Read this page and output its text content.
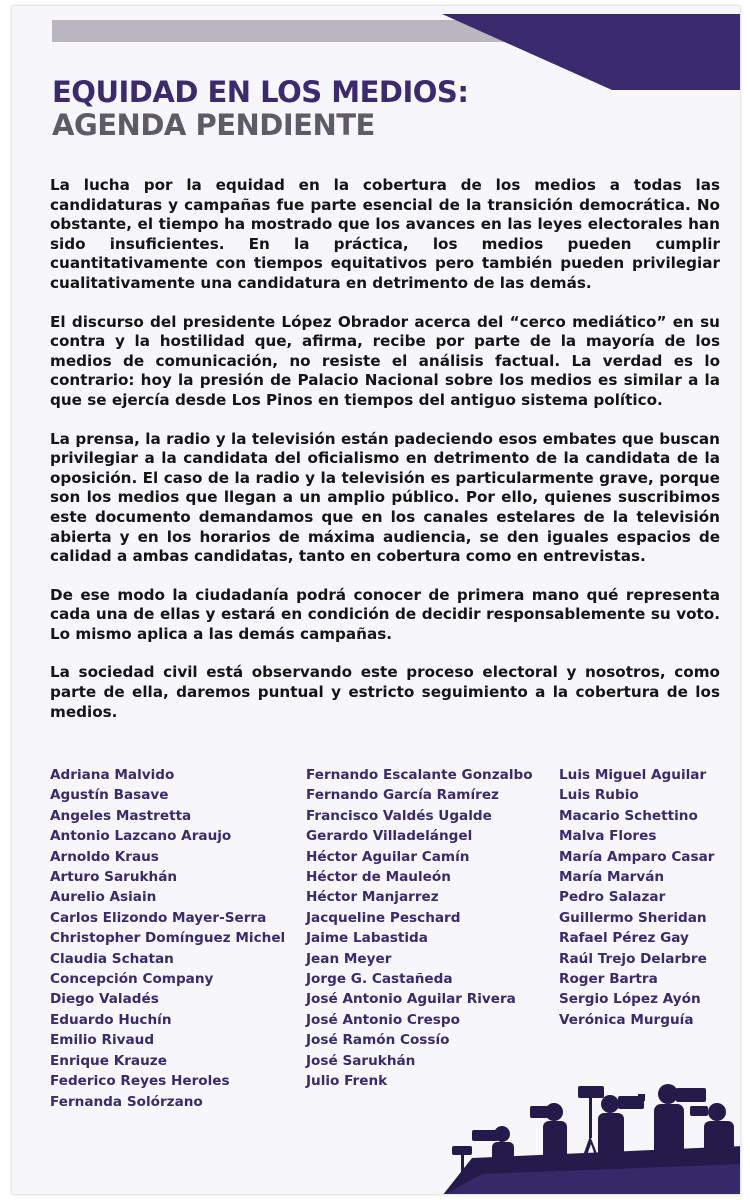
EQUIDAD EN LOS MEDIOS:
AGENDA PENDIENTE

La lucha por la equidad en la cobertura de los medios a todas las candidaturas y campañas fue parte esencial de la transición democrática. No obstante, el tiempo ha mostrado que los avances en las leyes electorales han sido insuficientes. En la práctica, los medios pueden cumplir cuantitativamente con tiempos equitativos pero también pueden privilegiar cualitativamente una candidatura en detrimento de las demás.

El discurso del presidente López Obrador acerca del “cerco mediático” en su contra y la hostilidad que, afirma, recibe por parte de la mayoría de los medios de comunicación, no resiste el análisis factual. La verdad es lo contrario: hoy la presión de Palacio Nacional sobre los medios es similar a la que se ejercía desde Los Pinos en tiempos del antiguo sistema político.

La prensa, la radio y la televisión están padeciendo esos embates que buscan privilegiar a la candidata del oficialismo en detrimento de la candidata de la oposición. El caso de la radio y la televisión es particularmente grave, porque son los medios que llegan a un amplio público. Por ello, quienes suscribimos este documento demandamos que en los canales estelares de la televisión abierta y en los horarios de máxima audiencia, se den iguales espacios de calidad a ambas candidatas, tanto en cobertura como en entrevistas.

De ese modo la ciudadanía podrá conocer de primera mano qué representa cada una de ellas y estará en condición de decidir responsablemente su voto. Lo mismo aplica a las demás campañas.

La sociedad civil está observando este proceso electoral y nosotros, como parte de ella, daremos puntual y estricto seguimiento a la cobertura de los medios.

Adriana Malvido
Agustín Basave
Angeles Mastretta
Antonio Lazcano Araujo
Arnoldo Kraus
Arturo Sarukhán
Aurelio Asiain
Carlos Elizondo Mayer-Serra
Christopher Domínguez Michel
Claudia Schatan
Concepción Company
Diego Valadés
Eduardo Huchín
Emilio Rivaud
Enrique Krauze
Federico Reyes Heroles
Fernanda Solórzano
Fernando Escalante Gonzalbo
Fernando García Ramírez
Francisco Valdés Ugalde
Gerardo Villadelángel
Héctor Aguilar Camín
Héctor de Mauleón
Héctor Manjarrez
Jacqueline Peschard
Jaime Labastida
Jean Meyer
Jorge G. Castañeda
José Antonio Aguilar Rivera
José Antonio Crespo
José Ramón Cossío
José Sarukhán
Julio Frenk
Luis Miguel Aguilar
Luis Rubio
Macario Schettino
Malva Flores
María Amparo Casar
María Marván
Pedro Salazar
Guillermo Sheridan
Rafael Pérez Gay
Raúl Trejo Delarbre
Roger Bartra
Sergio López Ayón
Verónica Murguía
